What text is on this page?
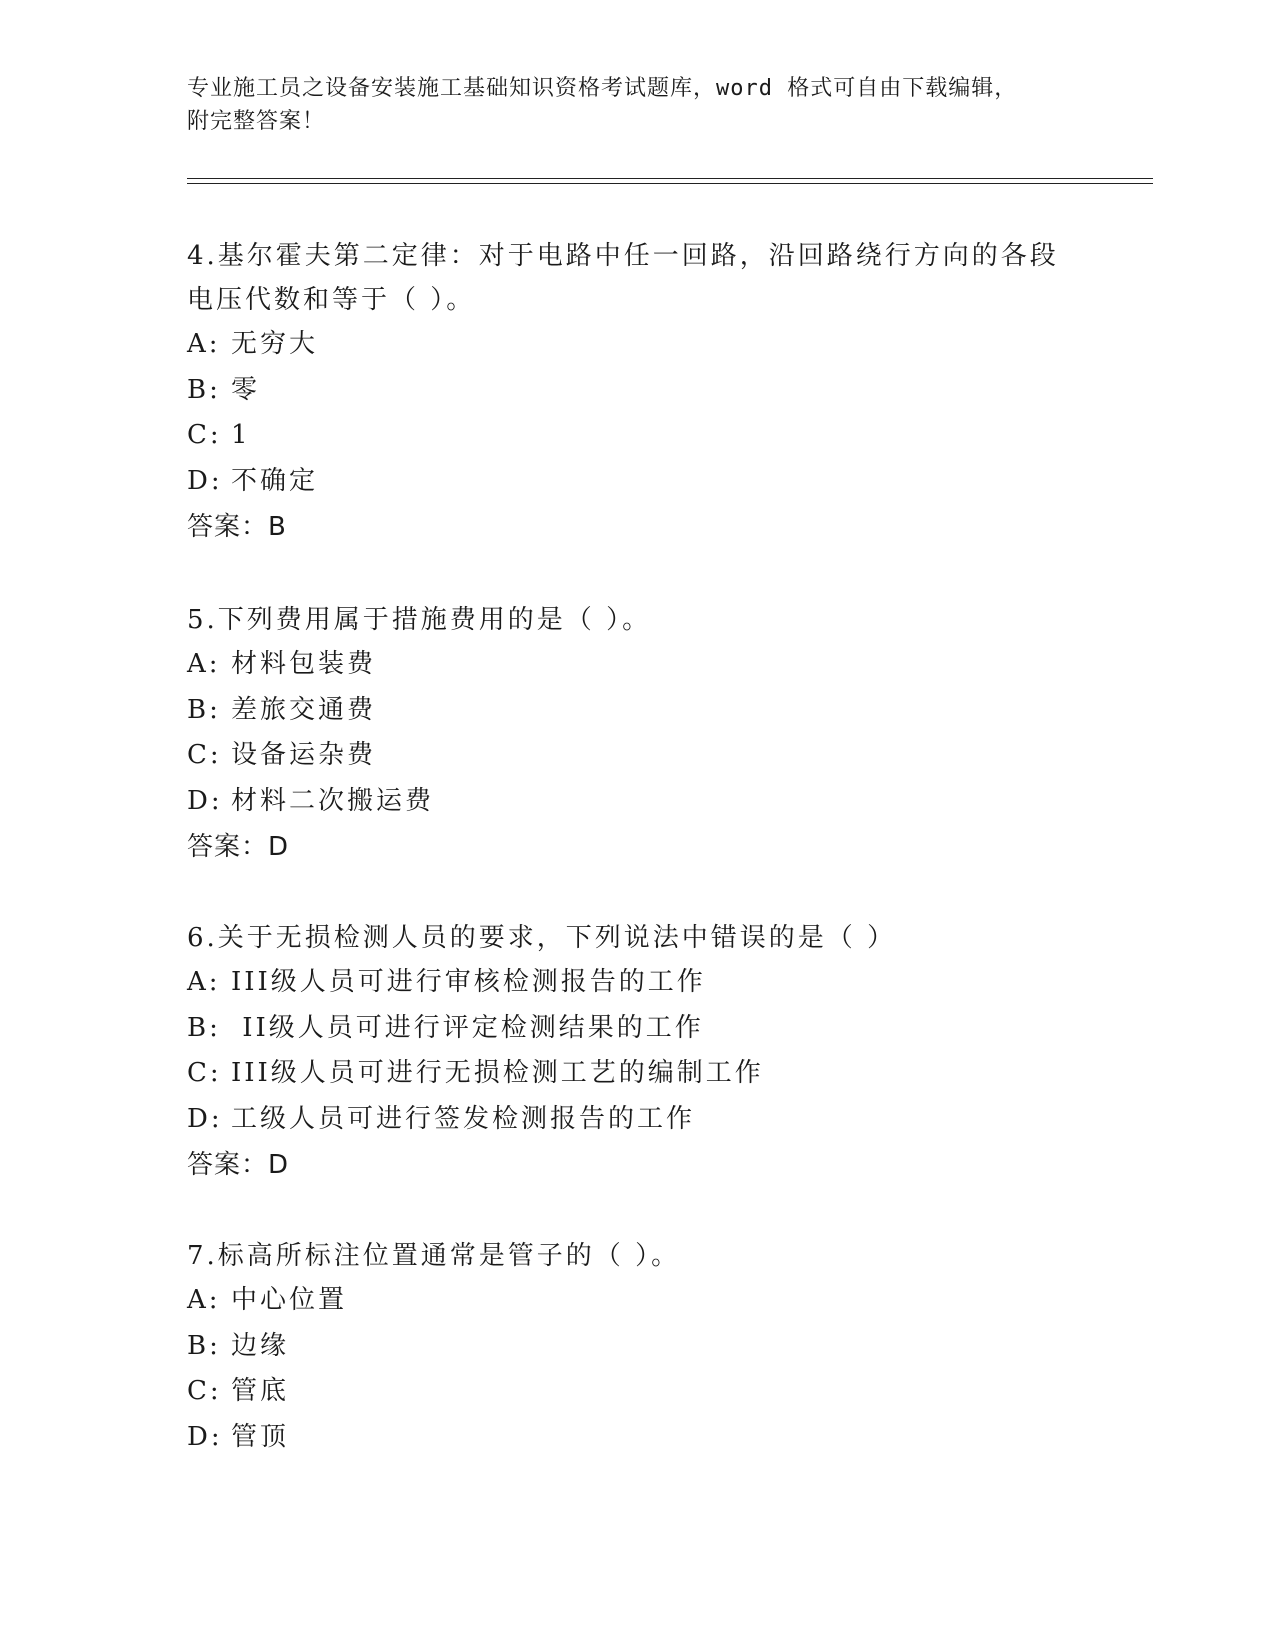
专业施工员之设备安装施工基础知识资格考试题库，word 格式可自由下载编辑，
附完整答案！
4.基尔霍夫第二定律：对于电路中任一回路，沿回路绕行方向的各段
电压代数和等于（ ）。
A: 无穷大
B: 零
C: 1
D: 不确定
答案：B
5.下列费用属于措施费用的是（ ）。
A: 材料包装费
B: 差旅交通费
C: 设备运杂费
D: 材料二次搬运费
答案：D
6.关于无损检测人员的要求，下列说法中错误的是（ ）
A: III级人员可进行审核检测报告的工作
B: II级人员可进行评定检测结果的工作
C: III级人员可进行无损检测工艺的编制工作
D: 工级人员可进行签发检测报告的工作
答案：D
7.标高所标注位置通常是管子的（ ）。
A: 中心位置
B: 边缘
C: 管底
D: 管顶
